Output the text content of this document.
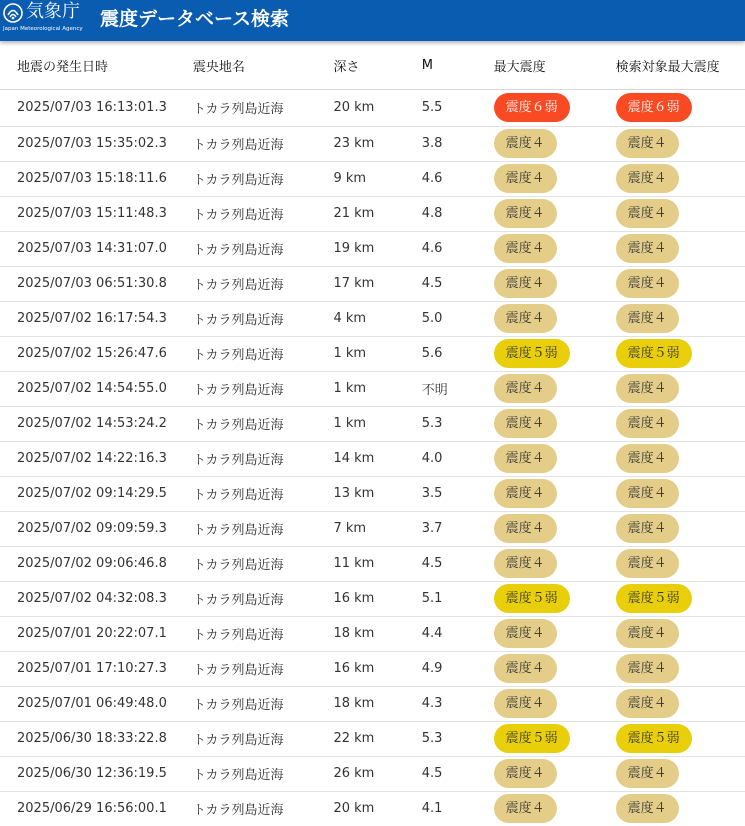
気象庁
Japan Meteorological Agency 震度データベース検索
地震の発生日時	震央地名	深さ	M	最大震度	検索対象最大震度
2025/07/03 16:13:01.3	トカラ列島近海	20 km	5.5	震度６弱	震度６弱
2025/07/03 15:35:02.3	トカラ列島近海	23 km	3.8	震度４	震度４
2025/07/03 15:18:11.6	トカラ列島近海	9 km	4.6	震度４	震度４
2025/07/03 15:11:48.3	トカラ列島近海	21 km	4.8	震度４	震度４
2025/07/03 14:31:07.0	トカラ列島近海	19 km	4.6	震度４	震度４
2025/07/03 06:51:30.8	トカラ列島近海	17 km	4.5	震度４	震度４
2025/07/02 16:17:54.3	トカラ列島近海	4 km	5.0	震度４	震度４
2025/07/02 15:26:47.6	トカラ列島近海	1 km	5.6	震度５弱	震度５弱
2025/07/02 14:54:55.0	トカラ列島近海	1 km	不明	震度４	震度４
2025/07/02 14:53:24.2	トカラ列島近海	1 km	5.3	震度４	震度４
2025/07/02 14:22:16.3	トカラ列島近海	14 km	4.0	震度４	震度４
2025/07/02 09:14:29.5	トカラ列島近海	13 km	3.5	震度４	震度４
2025/07/02 09:09:59.3	トカラ列島近海	7 km	3.7	震度４	震度４
2025/07/02 09:06:46.8	トカラ列島近海	11 km	4.5	震度４	震度４
2025/07/02 04:32:08.3	トカラ列島近海	16 km	5.1	震度５弱	震度５弱
2025/07/01 20:22:07.1	トカラ列島近海	18 km	4.4	震度４	震度４
2025/07/01 17:10:27.3	トカラ列島近海	16 km	4.9	震度４	震度４
2025/07/01 06:49:48.0	トカラ列島近海	18 km	4.3	震度４	震度４
2025/06/30 18:33:22.8	トカラ列島近海	22 km	5.3	震度５弱	震度５弱
2025/06/30 12:36:19.5	トカラ列島近海	26 km	4.5	震度４	震度４
2025/06/29 16:56:00.1	トカラ列島近海	20 km	4.1	震度４	震度４
